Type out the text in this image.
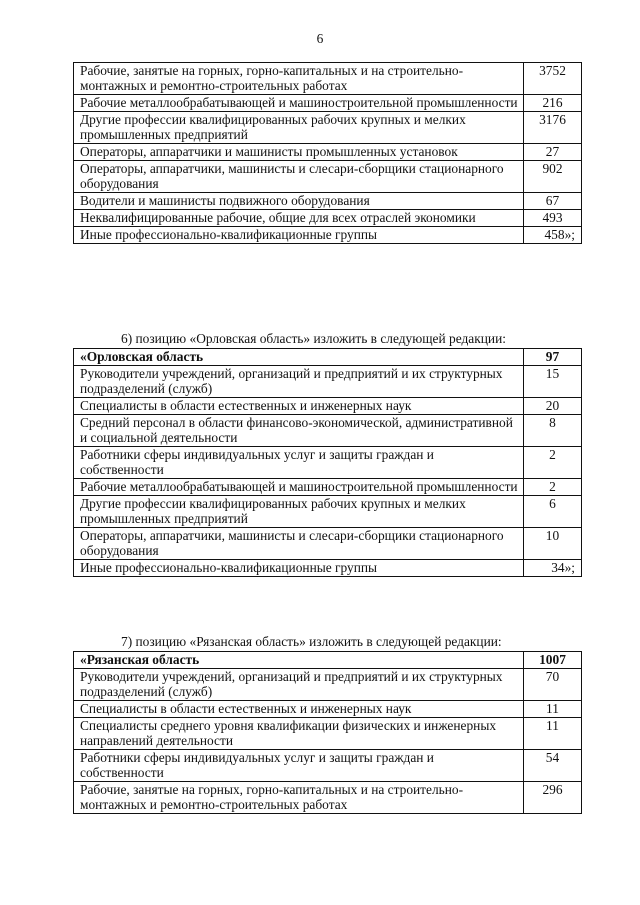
6
Рабочие, занятые на горных, горно-капитальных и на строительно-монтажных и ремонтно-строительных работах	3752
Рабочие металлообрабатывающей и машиностроительной промышленности	216
Другие профессии квалифицированных рабочих крупных и мелких промышленных предприятий	3176
Операторы, аппаратчики и машинисты промышленных установок	27
Операторы, аппаратчики, машинисты и слесари-сборщики стационарного оборудования	902
Водители и машинисты подвижного оборудования	67
Неквалифицированные рабочие, общие для всех отраслей экономики	493
Иные профессионально-квалификационные группы	458»;
6) позицию «Орловская область» изложить в следующей редакции:
«Орловская область	97
Руководители учреждений, организаций и предприятий и их структурных подразделений (служб)	15
Специалисты в области естественных и инженерных наук	20
Средний персонал в области финансово-экономической, административной и социальной деятельности	8
Работники сферы индивидуальных услуг и защиты граждан и собственности	2
Рабочие металлообрабатывающей и машиностроительной промышленности	2
Другие профессии квалифицированных рабочих крупных и мелких промышленных предприятий	6
Операторы, аппаратчики, машинисты и слесари-сборщики стационарного оборудования	10
Иные профессионально-квалификационные группы	34»;
7) позицию «Рязанская область» изложить в следующей редакции:
«Рязанская область	1007
Руководители учреждений, организаций и предприятий и их структурных подразделений (служб)	70
Специалисты в области естественных и инженерных наук	11
Специалисты среднего уровня квалификации физических и инженерных направлений деятельности	11
Работники сферы индивидуальных услуг и защиты граждан и собственности	54
Рабочие, занятые на горных, горно-капитальных и на строительно-монтажных и ремонтно-строительных работах	296
